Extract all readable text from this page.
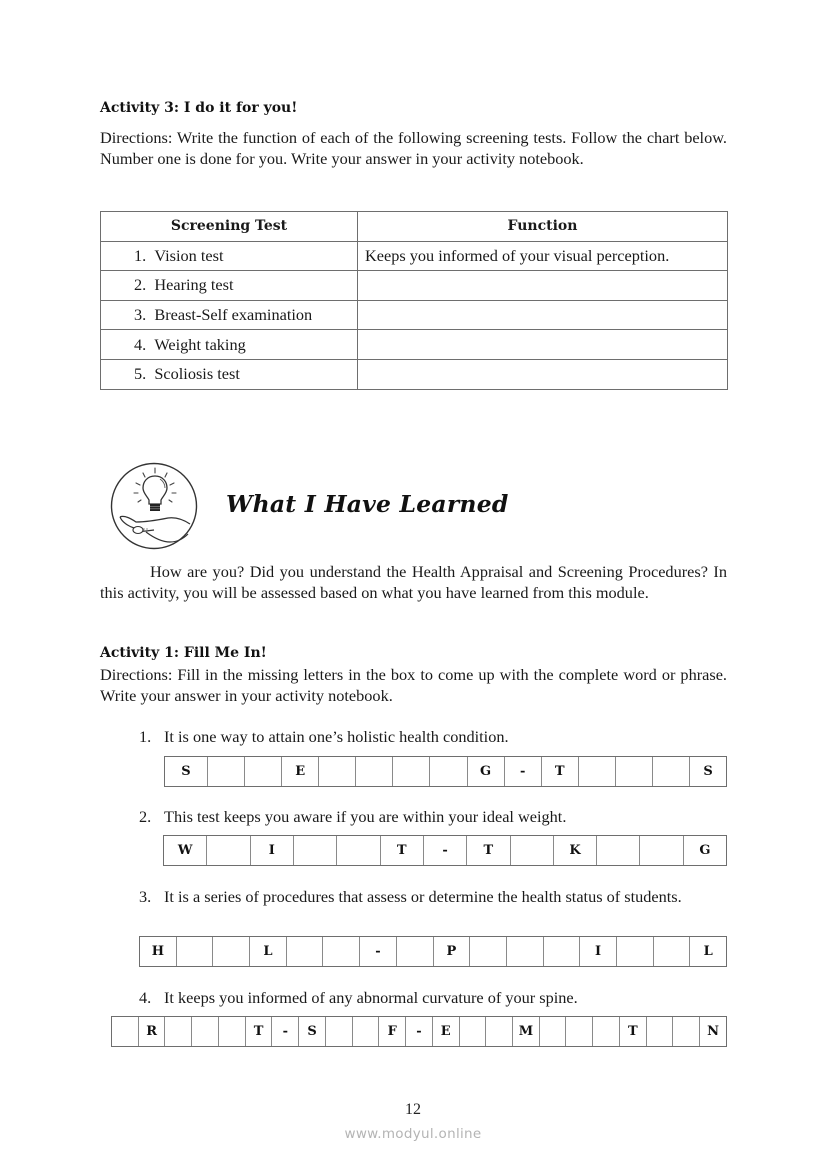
Activity 3: I do it for you!
Directions: Write the function of each of the following screening tests. Follow the chart below. Number one is done for you. Write your answer in your activity notebook.
Screening Test	Function
1. Vision test	Keeps you informed of your visual perception.
2. Hearing test	
3. Breast-Self examination	
4. Weight taking	
5. Scoliosis test	
What I Have Learned
How are you? Did you understand the Health Appraisal and Screening Procedures? In this activity, you will be assessed based on what you have learned from this module.
Activity 1: Fill Me In!
Directions: Fill in the missing letters in the box to come up with the complete word or phrase. Write your answer in your activity notebook.
1. It is one way to attain one’s holistic health condition.
S	E	G	-	T	S
2. This test keeps you aware if you are within your ideal weight.
W	I	T	-	T	K	G
3. It is a series of procedures that assess or determine the health status of students.
H	L	-	P	I	L
4. It keeps you informed of any abnormal curvature of your spine.
R	T	-	S	F	-	E	M	T	N
12
www.modyul.online
